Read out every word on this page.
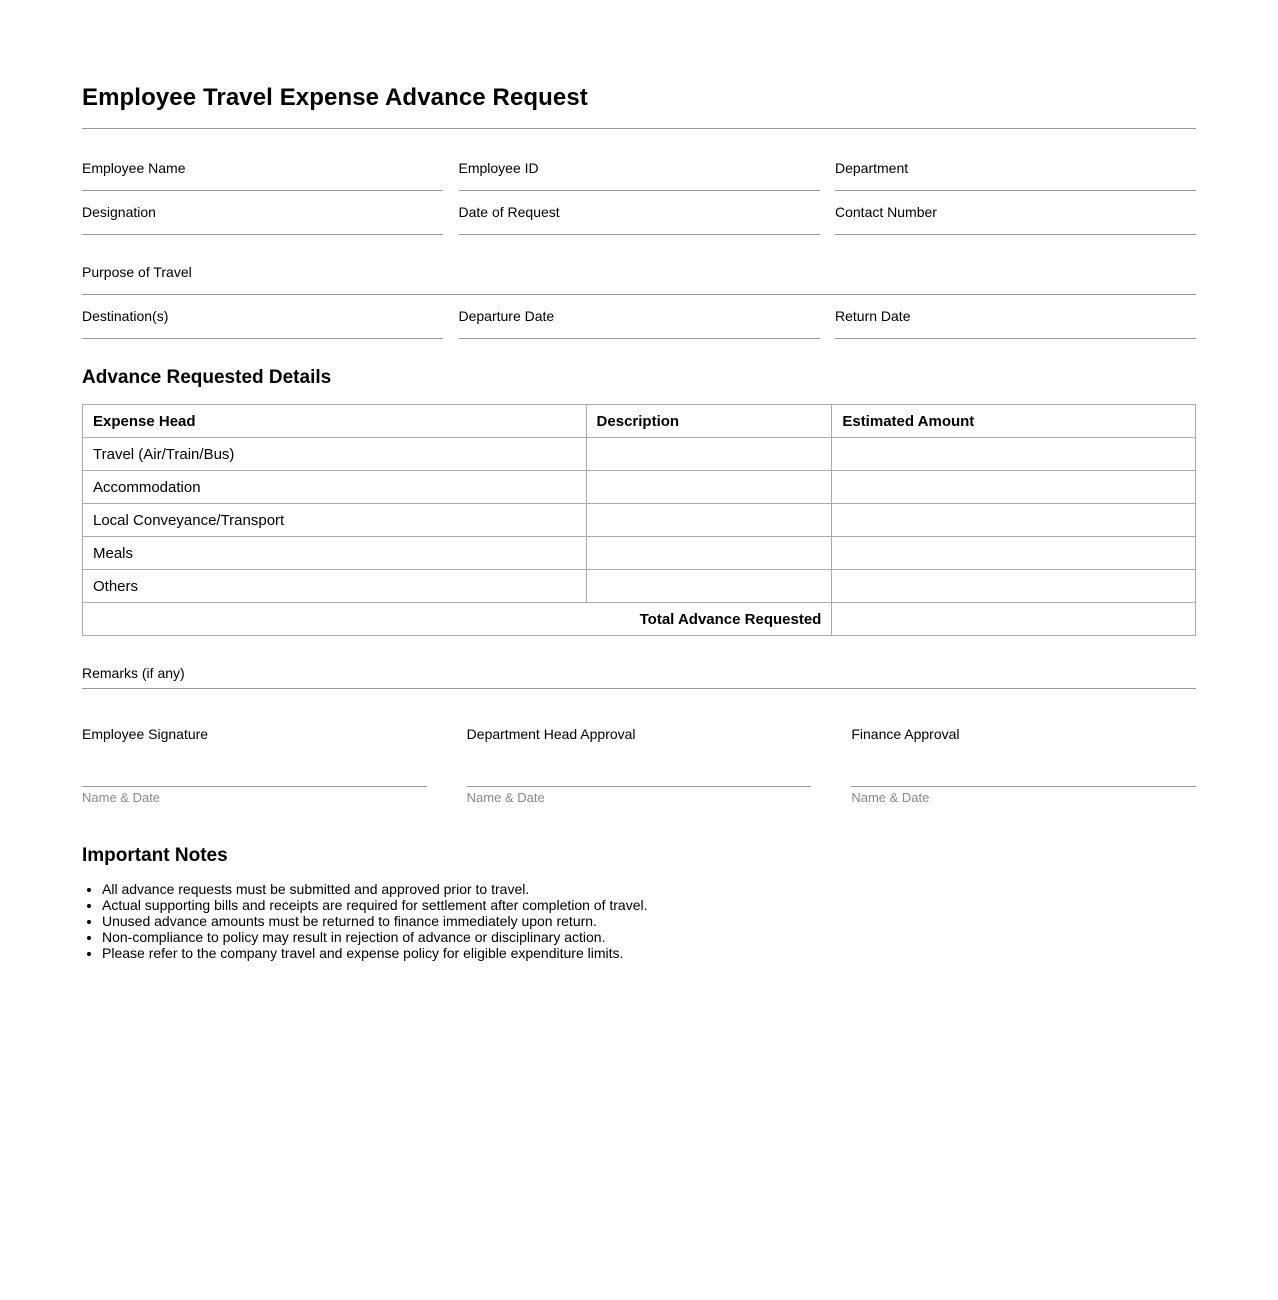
Employee Travel Expense Advance Request
Employee Name	Employee ID	Department
Designation	Date of Request	Contact Number
Purpose of Travel
Destination(s)	Departure Date	Return Date
Advance Requested Details
Expense Head	Description	Estimated Amount
Travel (Air/Train/Bus)		
Accommodation		
Local Conveyance/Transport		
Meals		
Others		
Total Advance Requested		
Remarks (if any)
Employee Signature
Name & Date
Department Head Approval
Name & Date
Finance Approval
Name & Date
Important Notes
• All advance requests must be submitted and approved prior to travel.
• Actual supporting bills and receipts are required for settlement after completion of travel.
• Unused advance amounts must be returned to finance immediately upon return.
• Non-compliance to policy may result in rejection of advance or disciplinary action.
• Please refer to the company travel and expense policy for eligible expenditure limits.
